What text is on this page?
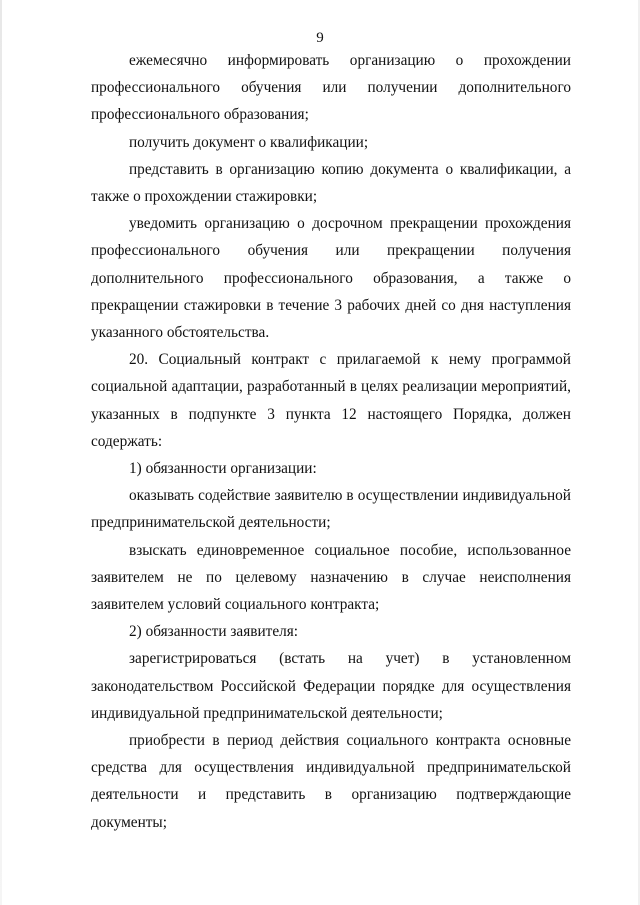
9

ежемесячно информировать организацию о прохождении профессионального обучения или получении дополнительного профессионального образования;

получить документ о квалификации;

представить в организацию копию документа о квалификации, а также о прохождении стажировки;

уведомить организацию о досрочном прекращении прохождения профессионального обучения или прекращении получения дополнительного профессионального образования, а также о прекращении стажировки в течение 3 рабочих дней со дня наступления указанного обстоятельства.

20. Социальный контракт с прилагаемой к нему программой социальной адаптации, разработанный в целях реализации мероприятий, указанных в подпункте 3 пункта 12 настоящего Порядка, должен содержать:

1) обязанности организации:

оказывать содействие заявителю в осуществлении индивидуальной предпринимательской деятельности;

взыскать единовременное социальное пособие, использованное заявителем не по целевому назначению в случае неисполнения заявителем условий социального контракта;

2) обязанности заявителя:

зарегистрироваться (встать на учет) в установленном законодательством Российской Федерации порядке для осуществления индивидуальной предпринимательской деятельности;

приобрести в период действия социального контракта основные средства для осуществления индивидуальной предпринимательской деятельности и представить в организацию подтверждающие документы;
